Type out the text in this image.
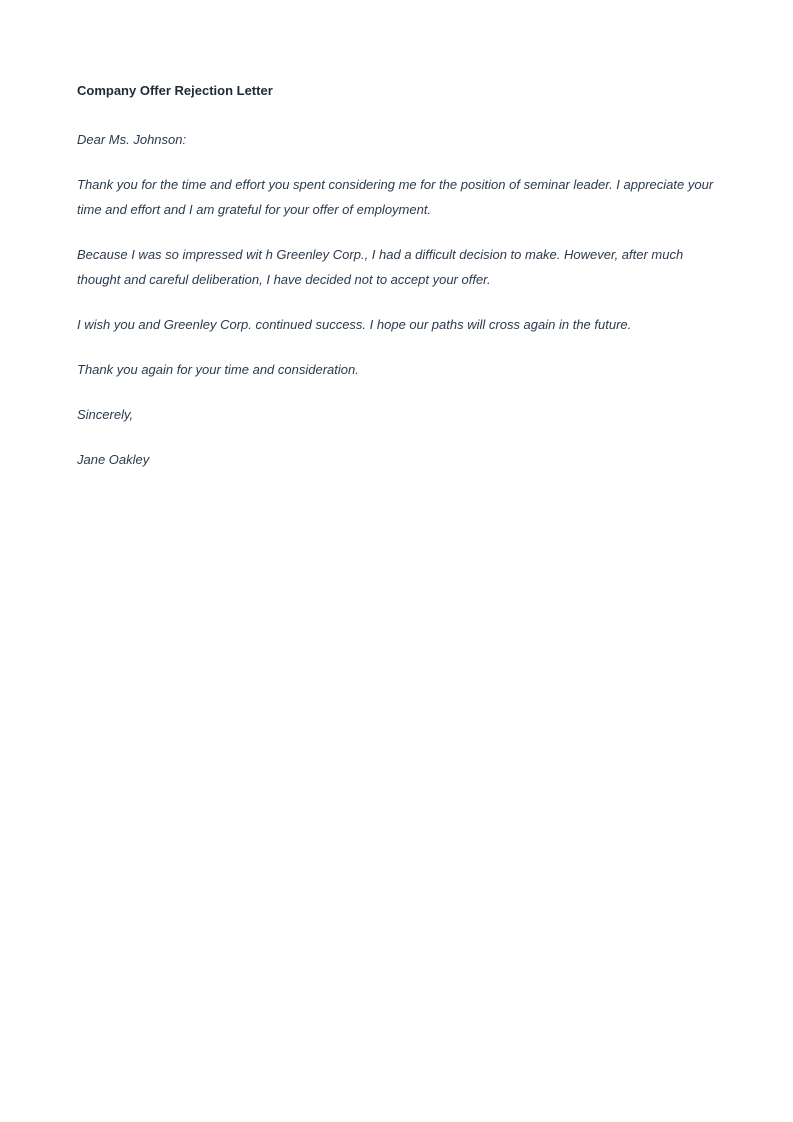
Company Offer Rejection Letter
Dear Ms. Johnson:
Thank you for the time and effort you spent considering me for the position of seminar leader. I appreciate your time and effort and I am grateful for your offer of employment.
Because I was so impressed wit h Greenley Corp., I had a difficult decision to make. However, after much thought and careful deliberation, I have decided not to accept your offer.
I wish you and Greenley Corp. continued success. I hope our paths will cross again in the future.
Thank you again for your time and consideration.
Sincerely,
Jane Oakley
